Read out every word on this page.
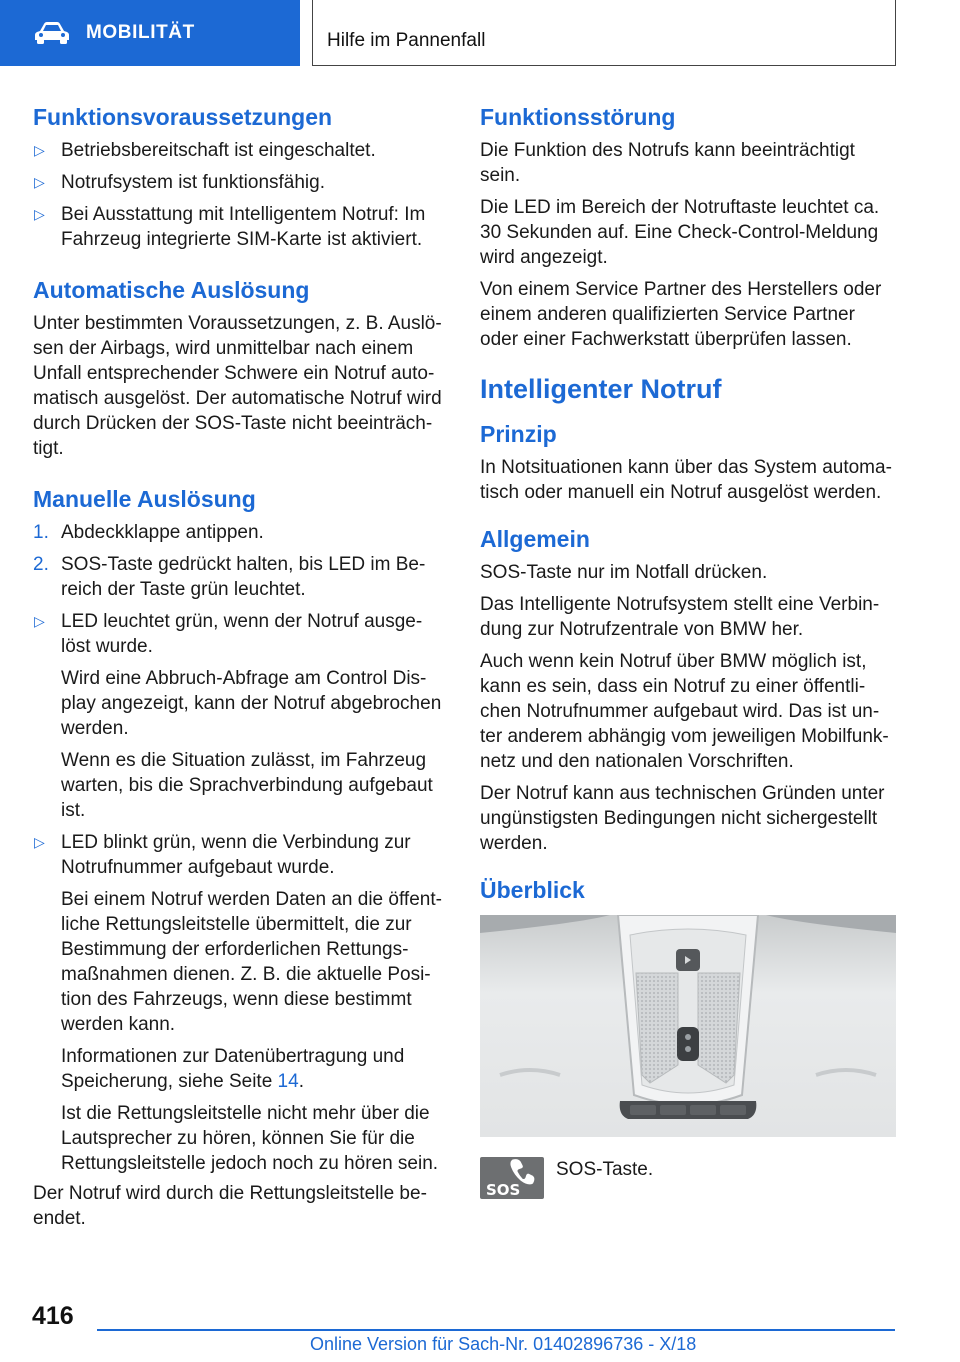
MOBILITÄT	Hilfe im Pannenfall
Funktionsvoraussetzungen
▷ Betriebsbereitschaft ist eingeschaltet.
▷ Notrufsystem ist funktionsfähig.
▷ Bei Ausstattung mit Intelligentem Notruf: Im Fahrzeug integrierte SIM-Karte ist aktiviert.
Automatische Auslösung

Unter bestimmten Voraussetzungen, z. B. Auslö-sen der Airbags, wird unmittelbar nach einem Unfall entsprechender Schwere ein Notruf auto-matisch ausgelöst. Der automatische Notruf wird durch Drücken der SOS-Taste nicht beeinträch-tigt.

Manuelle Auslösung
1. Abdeckklappe antippen.
2. SOS-Taste gedrückt halten, bis LED im Be-reich der Taste grün leuchtet.
▷ LED leuchtet grün, wenn der Notruf ausge-löst wurde.

Wird eine Abbruch-Abfrage am Control Dis-play angezeigt, kann der Notruf abgebrochen werden.

Wenn es die Situation zulässt, im Fahrzeug warten, bis die Sprachverbindung aufgebaut ist.

▷ LED blinkt grün, wenn die Verbindung zur Notrufnummer aufgebaut wurde.

Bei einem Notruf werden Daten an die öffent-liche Rettungsleitstelle übermittelt, die zur Bestimmung der erforderlichen Rettungs-maßnahmen dienen. Z. B. die aktuelle Posi-tion des Fahrzeugs, wenn diese bestimmt werden kann.

Informationen zur Datenübertragung und Speicherung, siehe Seite 14.

Ist die Rettungsleitstelle nicht mehr über die Lautsprecher zu hören, können Sie für die Rettungsleitstelle jedoch noch zu hören sein.

Der Notruf wird durch die Rettungsleitstelle be-endet.

Funktionsstörung

Die Funktion des Notrufs kann beeinträchtigt sein.

Die LED im Bereich der Notruftaste leuchtet ca. 30 Sekunden auf. Eine Check-Control-Meldung wird angezeigt.

Von einem Service Partner des Herstellers oder einem anderen qualifizierten Service Partner oder einer Fachwerkstatt überprüfen lassen.

Intelligenter Notruf
Prinzip

In Notsituationen kann über das System automa-tisch oder manuell ein Notruf ausgelöst werden.

Allgemein

SOS-Taste nur im Notfall drücken.

Das Intelligente Notrufsystem stellt eine Verbin-dung zur Notrufzentrale von BMW her.

Auch wenn kein Notruf über BMW möglich ist, kann es sein, dass ein Notruf zu einer öffentli-chen Notrufnummer aufgebaut wird. Das ist un-ter anderem abhängig vom jeweiligen Mobilfunk-netz und den nationalen Vorschriften.

Der Notruf kann aus technischen Gründen unter ungünstigsten Bedingungen nicht sichergestellt werden.

Überblick
SOS
SOS-Taste.
416
Online Version für Sach-Nr. 01402896736 - X/18
